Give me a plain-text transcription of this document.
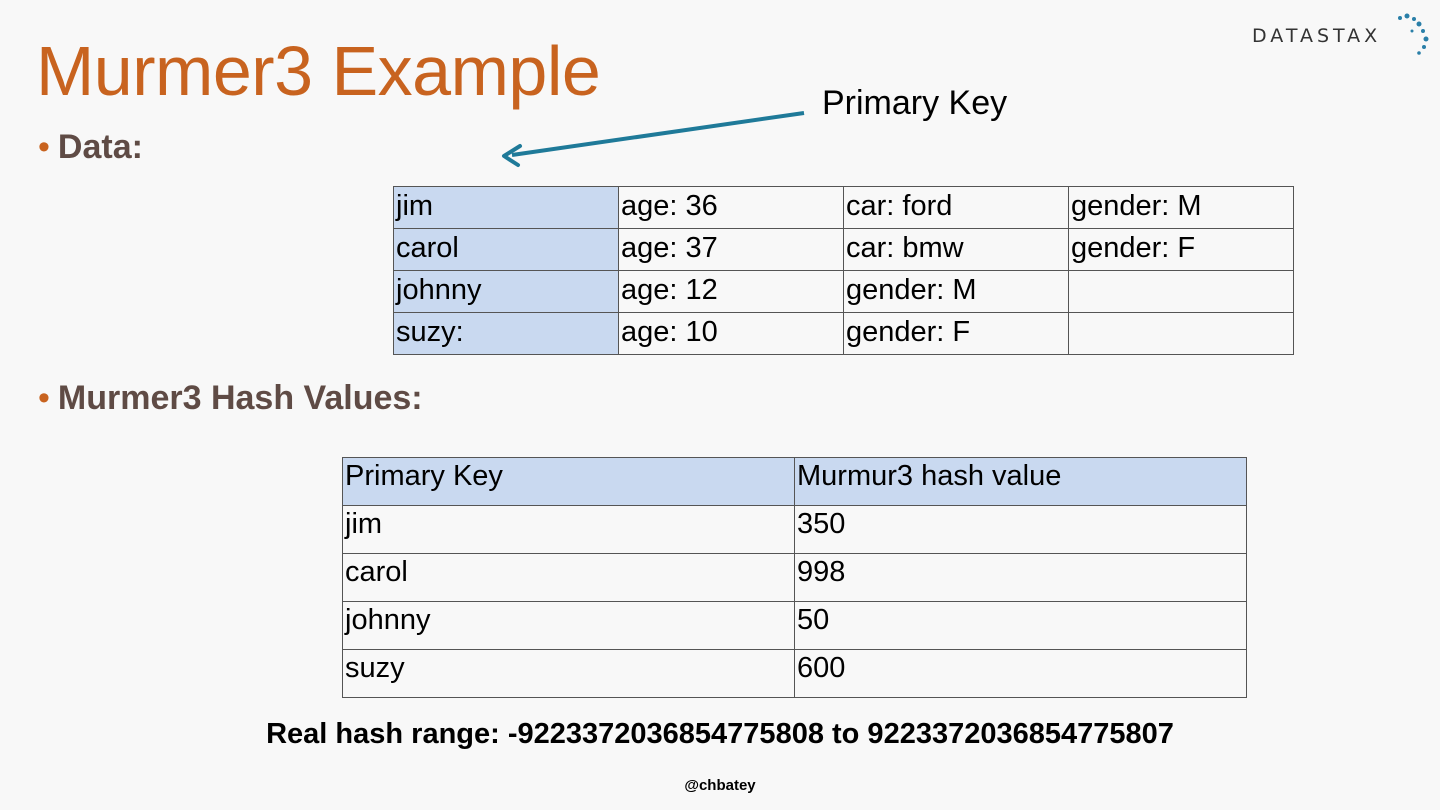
Murmer3 Example	DATASTAX
• Data:
Primary Key
jim	age: 36	car: ford	gender: M
carol	age: 37	car: bmw	gender: F
johnny	age: 12	gender: M	
suzy:	age: 10	gender: F	
• Murmer3 Hash Values:
Primary Key	Murmur3 hash value
jim	350
carol	998
johnny	50
suzy	600
Real hash range: -9223372036854775808 to 9223372036854775807
@chbatey
